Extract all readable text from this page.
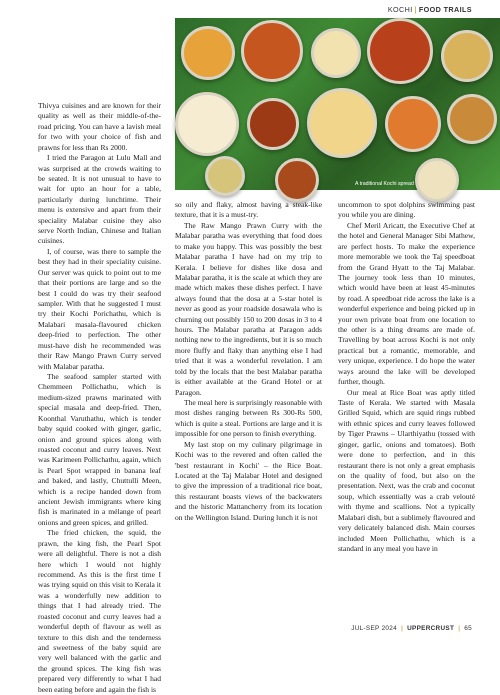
KOCHI | FOOD TRAILS
A traditional Kochi spread

Thivya cuisines and are known for their quality as well as their middle-of-the-road pricing. You can have a lavish meal for two with your choice of fish and prawns for less than Rs 2000.

I tried the Paragon at Lulu Mall and was surprised at the crowds waiting to be seated. It is not unusual to have to wait for upto an hour for a table, particularly during lunchtime. Their menu is extensive and apart from their speciality Malabar cuisine they also serve North Indian, Chinese and Italian cuisines.

I, of course, was there to sample the best they had in their speciality cuisine. Our server was quick to point out to me that their portions are large and so the best I could do was try their seafood sampler. With that he suggested I must try their Kochi Porichathu, which is Malabari masala-flavoured chicken deep-fried to perfection. The other must-have dish he recommended was their Raw Mango Prawn Curry served with Malabar paratha.

The seafood sampler started with Chemmeen Pollichathu, which is medium-sized prawns marinated with special masala and deep-fried. Then, Koonthal Varuthathu, which is tender baby squid cooked with ginger, garlic, onion and ground spices along with roasted coconut and curry leaves. Next was Karimeen Pollichathu, again, which is Pearl Spot wrapped in banana leaf and baked, and lastly, Chuttulli Meen, which is a recipe handed down from ancient Jewish immigrants where king fish is marinated in a mélange of pearl onions and green spices, and grilled.

The fried chicken, the squid, the prawn, the king fish, the Pearl Spot were all delightful. There is not a dish here which I would not highly recommend. As this is the first time I was trying squid on this visit to Kerala it was a wonderfully new addition to things that I had already tried. The roasted coconut and curry leaves had a wonderful depth of flavour as well as texture to this dish and the tenderness and sweetness of the baby squid are very well balanced with the garlic and the ground spices. The king fish was prepared very differently to what I had been eating before and again the fish is

so oily and flaky, almost having a steak-like texture, that it is a must-try.

The Raw Mango Prawn Curry with the Malabar paratha was everything that food does to make you happy. This was possibly the best Malabar paratha I have had on my trip to Kerala. I believe for dishes like dosa and Malabar paratha, it is the scale at which they are made which makes these dishes perfect. I have always found that the dosa at a 5-star hotel is never as good as your roadside dosawala who is churning out possibly 150 to 200 dosas in 3 to 4 hours. The Malabar paratha at Paragon adds nothing new to the ingredients, but it is so much more fluffy and flaky than anything else I had tried that it was a wonderful revelation. I am told by the locals that the best Malabar paratha is either available at the Grand Hotel or at Paragon.

The meal here is surprisingly reasonable with most dishes ranging between Rs 300-Rs 500, which is quite a steal. Portions are large and it is impossible for one person to finish everything.

My last stop on my culinary pilgrimage in Kochi was to the revered and often called the 'best restaurant in Kochi' – the Rice Boat. Located at the Taj Malabar Hotel and designed to give the impression of a traditional rice boat, this restaurant boasts views of the backwaters and the historic Mattancherry from its location on the Wellington Island. During lunch it is not

uncommon to spot dolphins swimming past you while you are dining.

Chef Meril Aricatt, the Executive Chef at the hotel and General Manager Sibi Mathew, are perfect hosts. To make the experience more memorable we took the Taj speedboat from the Grand Hyatt to the Taj Malabar. The journey took less than 10 minutes, which would have been at least 45-minutes by road. A speedboat ride across the lake is a wonderful experience and being picked up in your own private boat from one location to the other is a thing dreams are made of. Travelling by boat across Kochi is not only practical but a romantic, memorable, and very unique, experience. I do hope the water ways around the lake will be developed further, though.

Our meal at Rice Boat was aptly titled Taste of Kerala. We started with Masala Grilled Squid, which are squid rings rubbed with ethnic spices and curry leaves followed by Tiger Prawns – Ularthiyathu (tossed with ginger, garlic, onions and tomatoes). Both were done to perfection, and in this restaurant there is not only a great emphasis on the quality of food, but also on the presentation. Next, was the crab and coconut soup, which essentially was a crab velouté with thyme and scallions. Not a typically Malabari dish, but a sublimely flavoured and very delicately balanced dish. Main courses included Meen Pollichathu, which is a standard in any meal you have in

JUL-SEP 2024 | UPPERCRUST | 65
